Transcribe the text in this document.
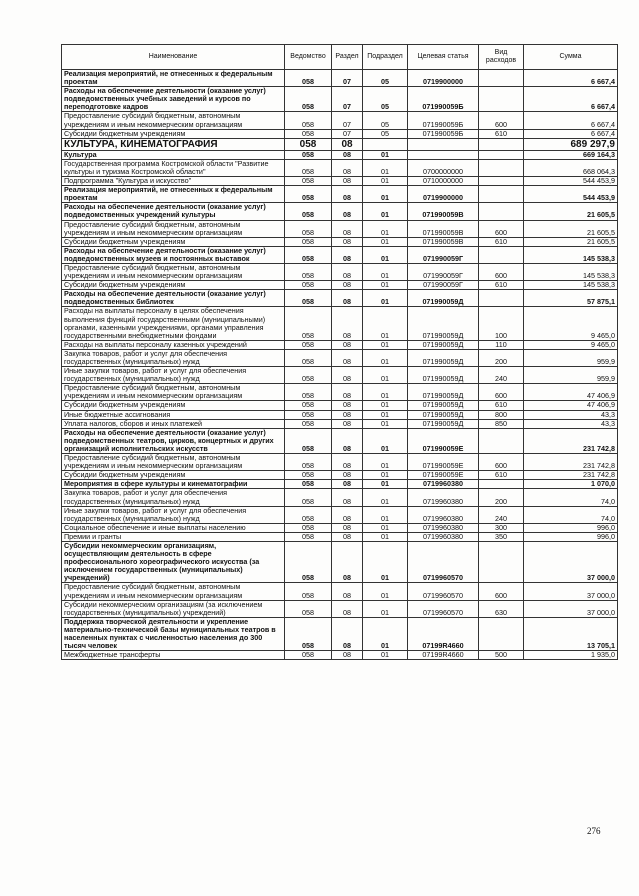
Наименование	Ведомство	Раздел	Подраздел	Целевая статья	Вид расходов	Сумма
Реализация мероприятий, не отнесенных к федеральным проектам	058	07	05	0719900000		6 667,4
Расходы на обеспечение деятельности (оказание услуг) подведомственных учебных заведений и курсов по переподготовке кадров	058	07	05	071990059Б		6 667,4
Предоставление субсидий бюджетным, автономным учреждениям и иным некоммерческим организациям	058	07	05	071990059Б	600	6 667,4
Субсидии бюджетным учреждениям	058	07	05	071990059Б	610	6 667,4
КУЛЬТУРА, КИНЕМАТОГРАФИЯ	058	08				689 297,9
Культура	058	08	01			669 164,3
Государственная программа Костромской области "Развитие культуры и туризма Костромской области"	058	08	01	0700000000		668 064,3
Подпрограмма "Культура и искусство"	058	08	01	0710000000		544 453,9
Реализация мероприятий, не отнесенных к федеральным проектам	058	08	01	0719900000		544 453,9
Расходы на обеспечение деятельности (оказание услуг) подведомственных учреждений культуры	058	08	01	071990059В		21 605,5
Предоставление субсидий бюджетным, автономным учреждениям и иным некоммерческим организациям	058	08	01	071990059В	600	21 605,5
Субсидии бюджетным учреждениям	058	08	01	071990059В	610	21 605,5
Расходы на обеспечение деятельности (оказание услуг) подведомственных музеев и постоянных выставок	058	08	01	071990059Г		145 538,3
Предоставление субсидий бюджетным, автономным учреждениям и иным некоммерческим организациям	058	08	01	071990059Г	600	145 538,3
Субсидии бюджетным учреждениям	058	08	01	071990059Г	610	145 538,3
Расходы на обеспечение деятельности (оказание услуг) подведомственных библиотек	058	08	01	071990059Д		57 875,1
Расходы на выплаты персоналу в целях обеспечения выполнения функций государственными (муниципальными) органами, казенными учреждениями, органами управления государственными внебюджетными фондами	058	08	01	071990059Д	100	9 465,0
Расходы на выплаты персоналу казенных учреждений	058	08	01	071990059Д	110	9 465,0
Закупка товаров, работ и услуг для обеспечения государственных (муниципальных) нужд	058	08	01	071990059Д	200	959,9
Иные закупки товаров, работ и услуг для обеспечения государственных (муниципальных) нужд	058	08	01	071990059Д	240	959,9
Предоставление субсидий бюджетным, автономным учреждениям и иным некоммерческим организациям	058	08	01	071990059Д	600	47 406,9
Субсидии бюджетным учреждениям	058	08	01	071990059Д	610	47 406,9
Иные бюджетные ассигнования	058	08	01	071990059Д	800	43,3
Уплата налогов, сборов и иных платежей	058	08	01	071990059Д	850	43,3
Расходы на обеспечение деятельности (оказание услуг) подведомственных театров, цирков, концертных и других организаций исполнительских искусств	058	08	01	071990059Е		231 742,8
Предоставление субсидий бюджетным, автономным учреждениям и иным некоммерческим организациям	058	08	01	071990059Е	600	231 742,8
Субсидии бюджетным учреждениям	058	08	01	071990059Е	610	231 742,8
Мероприятия в сфере культуры и кинематографии	058	08	01	0719960380		1 070,0
Закупка товаров, работ и услуг для обеспечения государственных (муниципальных) нужд	058	08	01	0719960380	200	74,0
Иные закупки товаров, работ и услуг для обеспечения государственных (муниципальных) нужд	058	08	01	0719960380	240	74,0
Социальное обеспечение и иные выплаты населению	058	08	01	0719960380	300	996,0
Премии и гранты	058	08	01	0719960380	350	996,0
Субсидии некоммерческим организациям, осуществляющим деятельность в сфере профессионального хореографического искусства (за исключением государственных (муниципальных) учреждений)	058	08	01	0719960570		37 000,0
Предоставление субсидий бюджетным, автономным учреждениям и иным некоммерческим организациям	058	08	01	0719960570	600	37 000,0
Субсидии некоммерческим организациям (за исключением государственных (муниципальных) учреждений)	058	08	01	0719960570	630	37 000,0
Поддержка творческой деятельности и укрепление материально-технической базы муниципальных театров в населенных пунктах с численностью населения до 300 тысяч человек	058	08	01	07199R4660		13 705,1
Межбюджетные трансферты	058	08	01	07199R4660	500	1 935,0
276
